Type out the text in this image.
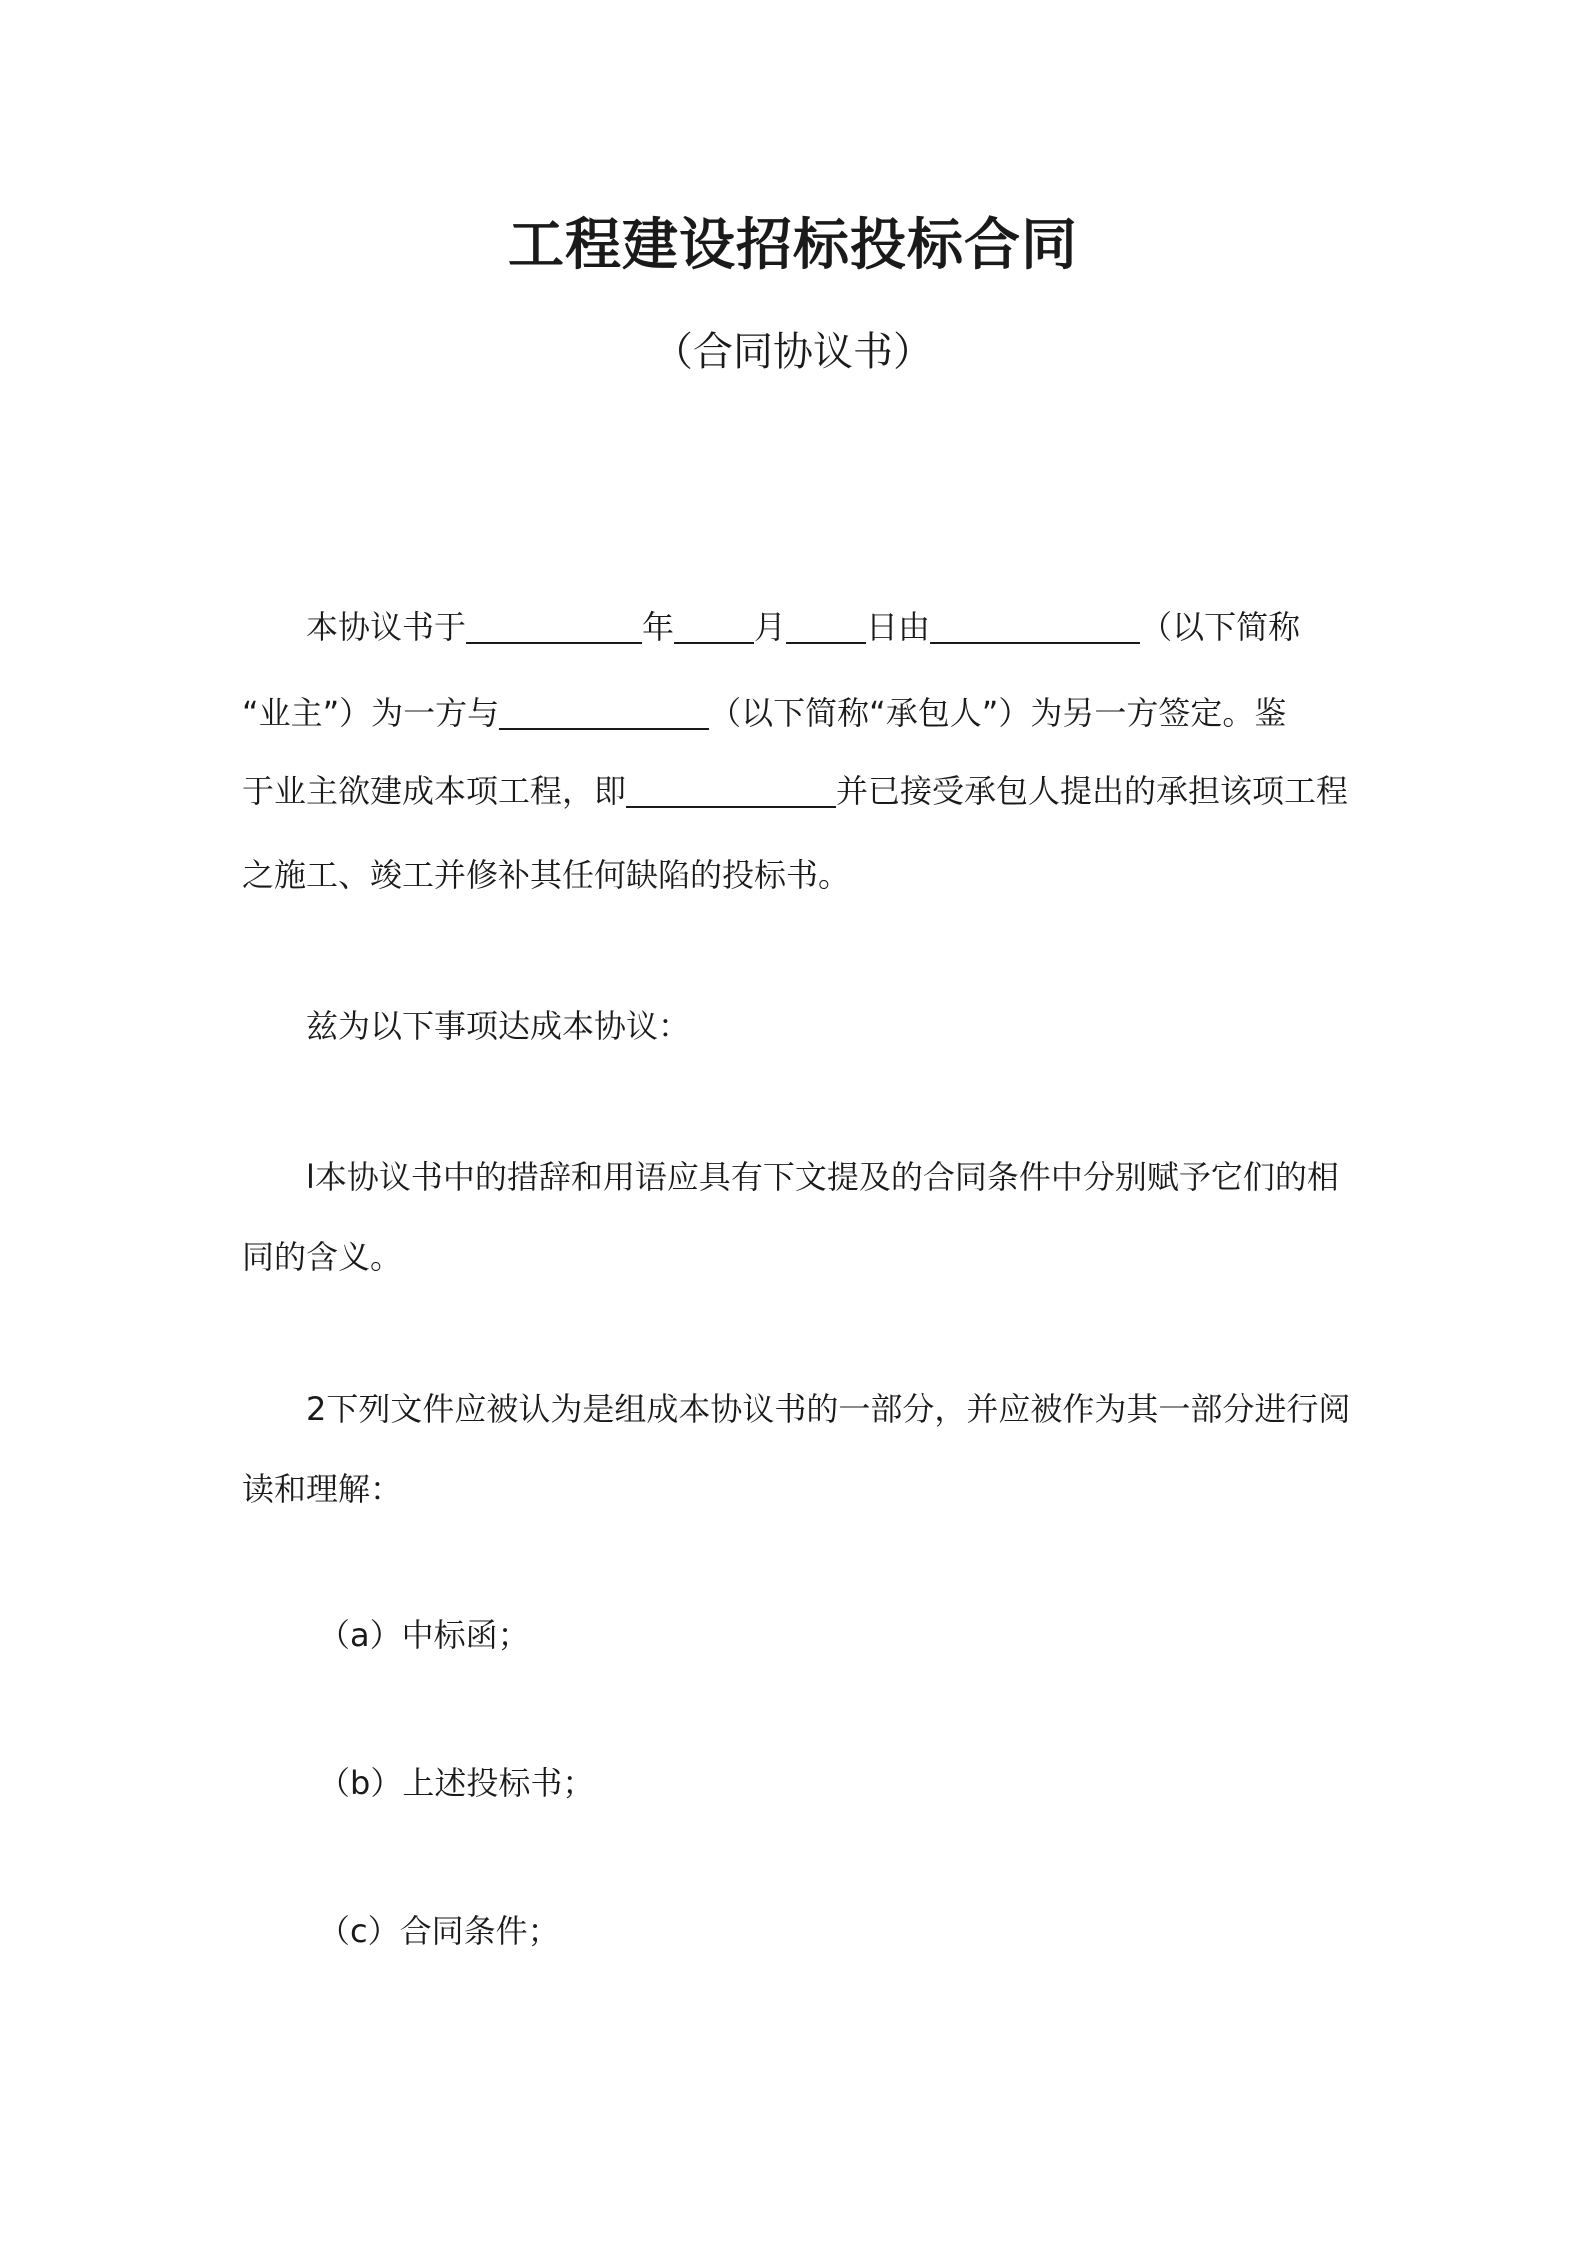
工程建设招标投标合同
（合同协议书）
本协议书于	年	月	日由	（以下简称
“业主”）为一方与	（以下简称“承包人”）为另一方签定。鉴
于业主欲建成本项工程，即	并已接受承包人提出的承担该项工程
之施工、竣工并修补其任何缺陷的投标书。
兹为以下事项达成本协议：
l本协议书中的措辞和用语应具有下文提及的合同条件中分别赋予它们的相
同的含义。
2下列文件应被认为是组成本协议书的一部分，并应被作为其一部分进行阅
读和理解：
（a）中标函；
（b）上述投标书；
（c）合同条件；
